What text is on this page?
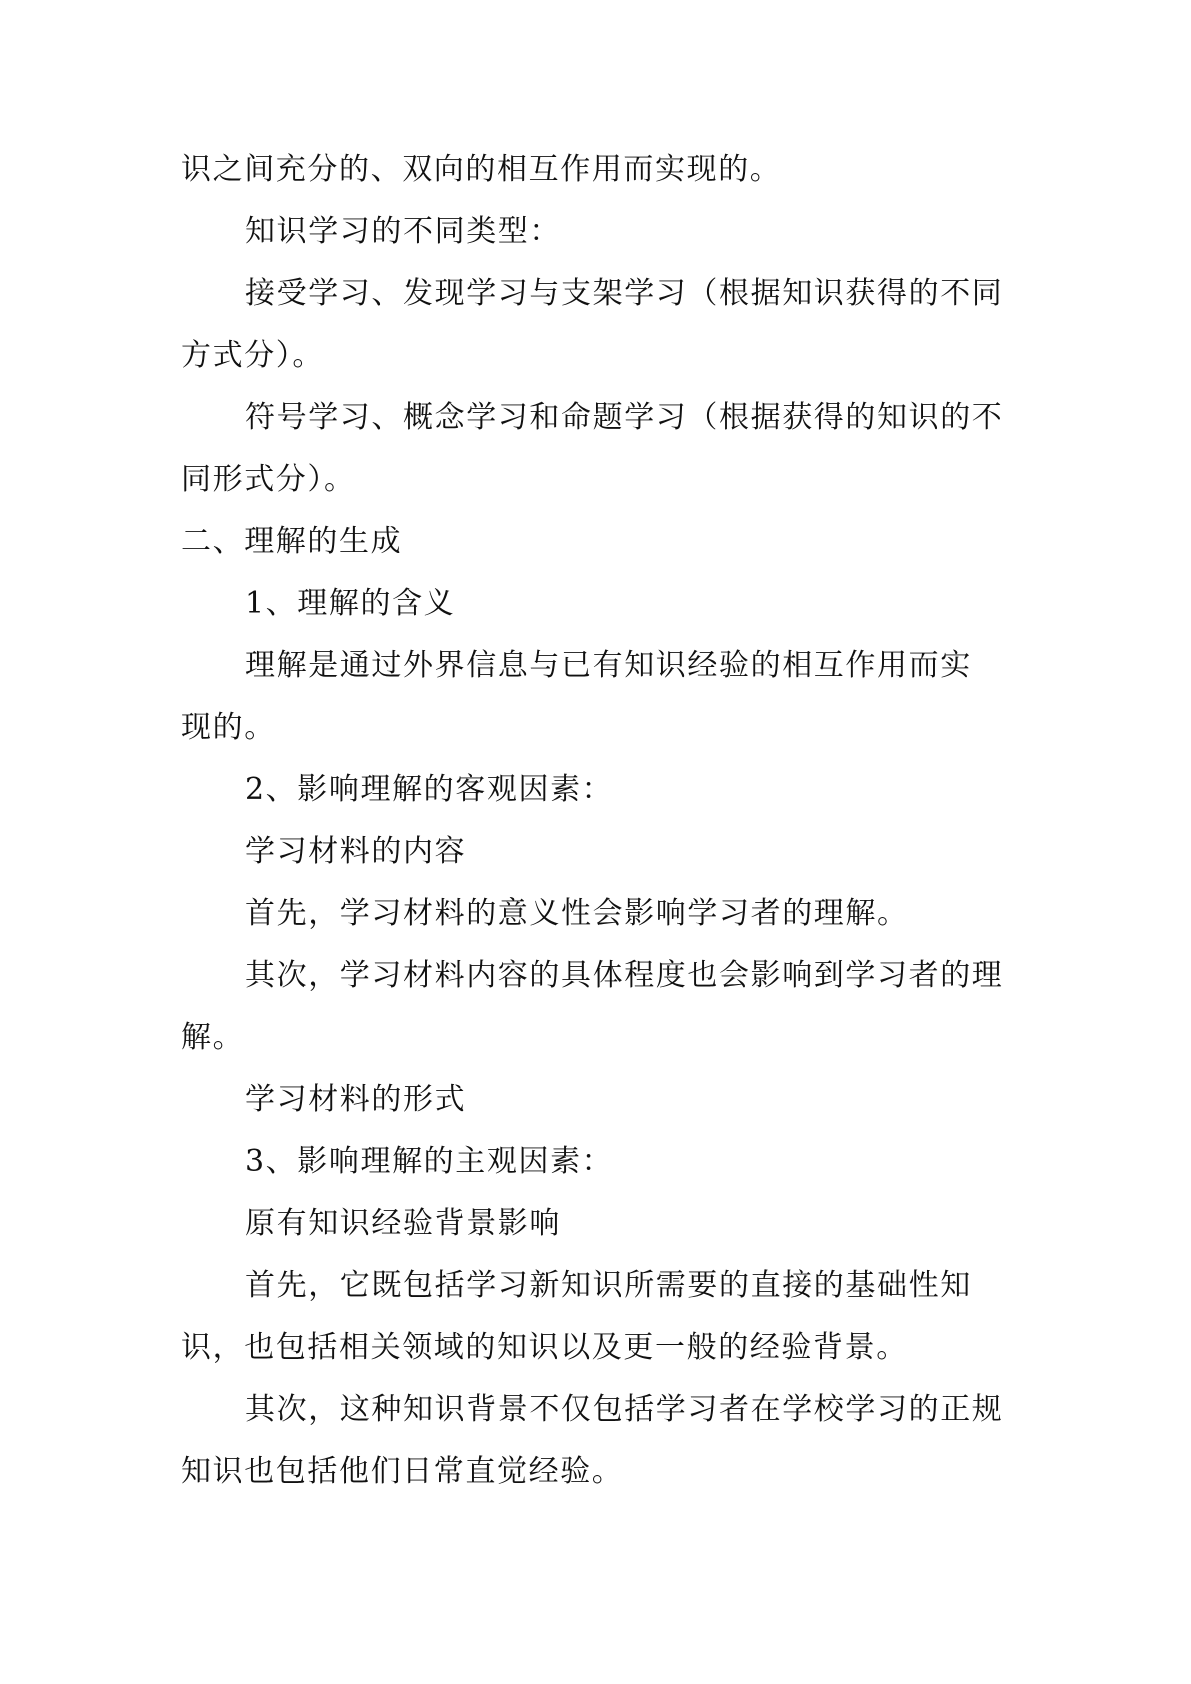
识之间充分的、双向的相互作用而实现的。
知识学习的不同类型：
接受学习、发现学习与支架学习（根据知识获得的不同
方式分）。
符号学习、概念学习和命题学习（根据获得的知识的不
同形式分）。
二、理解的生成
1、理解的含义
理解是通过外界信息与已有知识经验的相互作用而实
现的。
2、影响理解的客观因素：
学习材料的内容
首先，学习材料的意义性会影响学习者的理解。
其次，学习材料内容的具体程度也会影响到学习者的理
解。
学习材料的形式
3、影响理解的主观因素：
原有知识经验背景影响
首先，它既包括学习新知识所需要的直接的基础性知
识，也包括相关领域的知识以及更一般的经验背景。
其次，这种知识背景不仅包括学习者在学校学习的正规
知识也包括他们日常直觉经验。
